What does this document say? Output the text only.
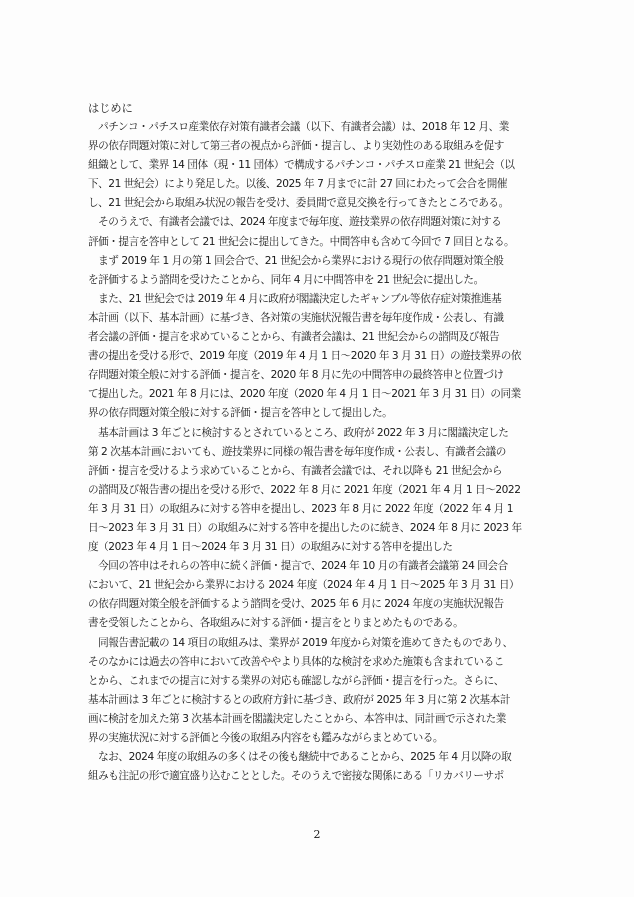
はじめに
　パチンコ・パチスロ産業依存対策有識者会議（以下、有識者会議）は、2018 年 12 月、業
界の依存問題対策に対して第三者の視点から評価・提言し、より実効性のある取組みを促す
組織として、業界 14 団体（現・11 団体）で構成するパチンコ・パチスロ産業 21 世紀会（以
下、21 世紀会）により発足した。以後、2025 年 7 月までに計 27 回にわたって会合を開催
し、21 世紀会から取組み状況の報告を受け、委員間で意見交換を行ってきたところである。
　そのうえで、有識者会議では、2024 年度まで毎年度、遊技業界の依存問題対策に対する
評価・提言を答申として 21 世紀会に提出してきた。中間答申も含めて今回で 7 回目となる。
　まず 2019 年 1 月の第 1 回会合で、21 世紀会から業界における現行の依存問題対策全般
を評価するよう諮問を受けたことから、同年 4 月に中間答申を 21 世紀会に提出した。
　また、21 世紀会では 2019 年 4 月に政府が閣議決定したギャンブル等依存症対策推進基
本計画（以下、基本計画）に基づき、各対策の実施状況報告書を毎年度作成・公表し、有識
者会議の評価・提言を求めていることから、有識者会議は、21 世紀会からの諮問及び報告
書の提出を受ける形で、2019 年度（2019 年 4 月 1 日～2020 年 3 月 31 日）の遊技業界の依
存問題対策全般に対する評価・提言を、2020 年 8 月に先の中間答申の最終答申と位置づけ
て提出した。2021 年 8 月には、2020 年度（2020 年 4 月 1 日～2021 年 3 月 31 日）の同業
界の依存問題対策全般に対する評価・提言を答申として提出した。
　基本計画は 3 年ごとに検討するとされているところ、政府が 2022 年 3 月に閣議決定した
第 2 次基本計画においても、遊技業界に同様の報告書を毎年度作成・公表し、有識者会議の
評価・提言を受けるよう求めていることから、有識者会議では、それ以降も 21 世紀会から
の諮問及び報告書の提出を受ける形で、2022 年 8 月に 2021 年度（2021 年 4 月 1 日～2022
年 3 月 31 日）の取組みに対する答申を提出し、2023 年 8 月に 2022 年度（2022 年 4 月 1
日～2023 年 3 月 31 日）の取組みに対する答申を提出したのに続き、2024 年 8 月に 2023 年
度（2023 年 4 月 1 日～2024 年 3 月 31 日）の取組みに対する答申を提出した
　今回の答申はそれらの答申に続く評価・提言で、2024 年 10 月の有識者会議第 24 回会合
において、21 世紀会から業界における 2024 年度（2024 年 4 月 1 日～2025 年 3 月 31 日）
の依存問題対策全般を評価するよう諮問を受け、2025 年 6 月に 2024 年度の実施状況報告
書を受領したことから、各取組みに対する評価・提言をとりまとめたものである。
　同報告書記載の 14 項目の取組みは、業界が 2019 年度から対策を進めてきたものであり、
そのなかには過去の答申において改善ややより具体的な検討を求めた施策も含まれているこ
とから、これまでの提言に対する業界の対応も確認しながら評価・提言を行った。さらに、
基本計画は 3 年ごとに検討するとの政府方針に基づき、政府が 2025 年 3 月に第 2 次基本計
画に検討を加えた第 3 次基本計画を閣議決定したことから、本答申は、同計画で示された業
界の実施状況に対する評価と今後の取組み内容をも鑑みながらまとめている。
　なお、2024 年度の取組みの多くはその後も継続中であることから、2025 年 4 月以降の取
組みも注記の形で適宜盛り込むこととした。そのうえで密接な関係にある「リカバリーサポ
2
